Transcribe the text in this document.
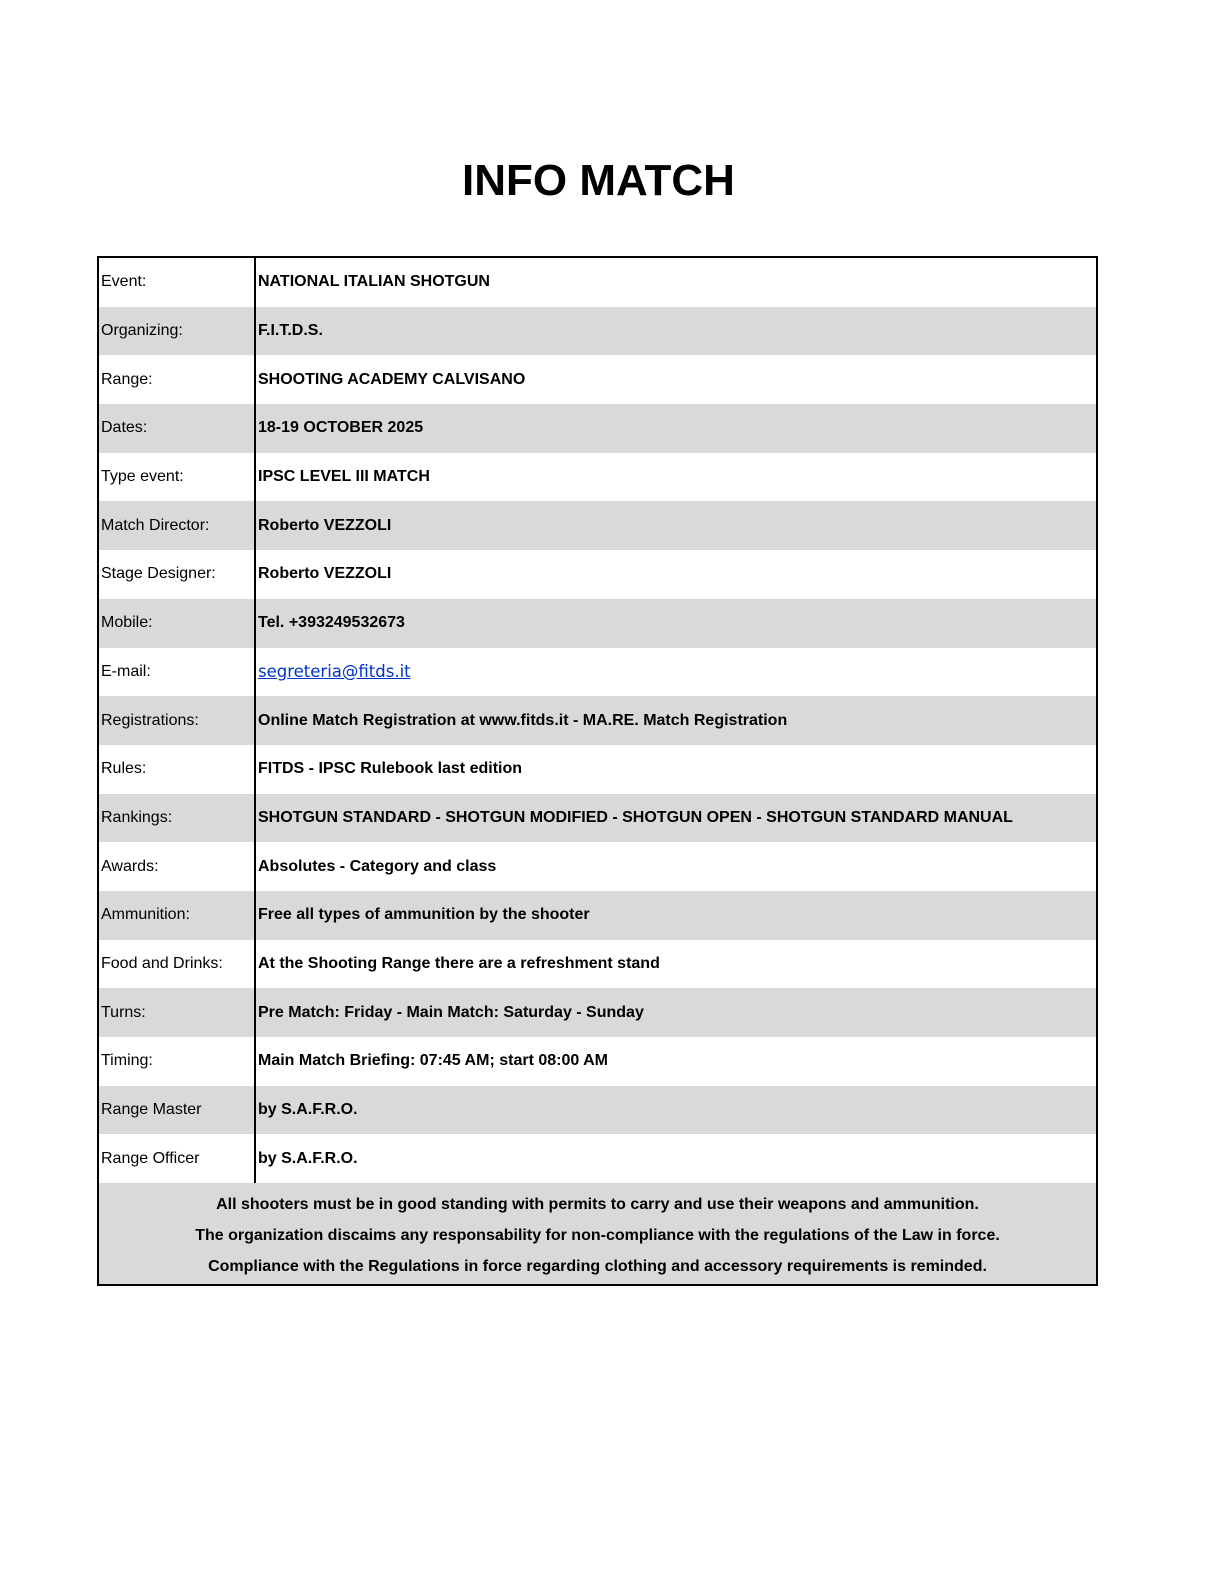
INFO MATCH
Event:	NATIONAL ITALIAN SHOTGUN
Organizing:	F.I.T.D.S.
Range:	SHOOTING ACADEMY CALVISANO
Dates:	18-19 OCTOBER 2025
Type event:	IPSC LEVEL III MATCH
Match Director:	Roberto VEZZOLI
Stage Designer:	Roberto VEZZOLI
Mobile:	Tel. +393249532673
E-mail:	segreteria@fitds.it
Registrations:	Online Match Registration at www.fitds.it - MA.RE. Match Registration
Rules:	FITDS - IPSC Rulebook last edition
Rankings:	SHOTGUN STANDARD - SHOTGUN MODIFIED - SHOTGUN OPEN - SHOTGUN STANDARD MANUAL
Awards:	Absolutes - Category and class
Ammunition:	Free all types of ammunition by the shooter
Food and Drinks:	At the Shooting Range there are a refreshment stand
Turns:	Pre Match: Friday - Main Match: Saturday - Sunday
Timing:	Main Match Briefing: 07:45 AM; start 08:00 AM
Range Master	by S.A.F.R.O.
Range Officer	by S.A.F.R.O.
All shooters must be in good standing with permits to carry and use their weapons and ammunition.
The organization discaims any responsability for non-compliance with the regulations of the Law in force.
Compliance with the Regulations in force regarding clothing and accessory requirements is reminded.
